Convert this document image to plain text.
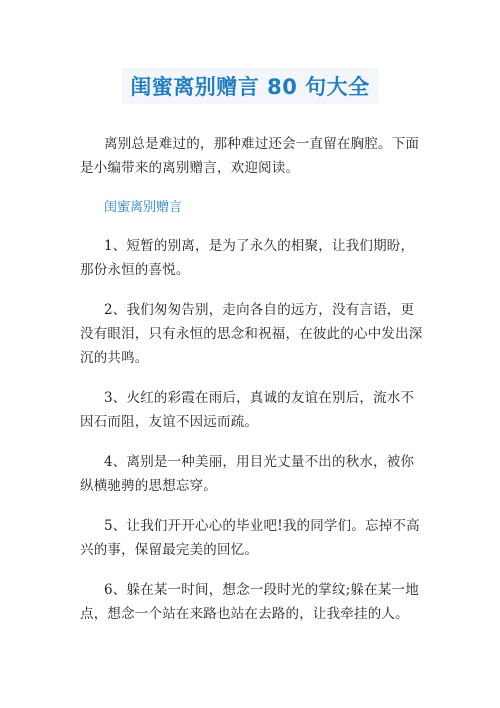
闺蜜离别赠言 80 句大全

离别总是难过的，那种难过还会一直留在胸腔。下面是小编带来的离别赠言，欢迎阅读。

闺蜜离别赠言

1、短暂的别离，是为了永久的相聚，让我们期盼，那份永恒的喜悦。

2、我们匆匆告别，走向各自的远方，没有言语，更没有眼泪，只有永恒的思念和祝福，在彼此的心中发出深沉的共鸣。

3、火红的彩霞在雨后，真诚的友谊在别后，流水不因石而阻，友谊不因远而疏。

4、离别是一种美丽，用目光丈量不出的秋水，被你纵横驰骋的思想忘穿。

5、让我们开开心心的毕业吧!我的同学们。忘掉不高兴的事，保留最完美的回忆。

6、躲在某一时间，想念一段时光的掌纹;躲在某一地点，想念一个站在来路也站在去路的，让我牵挂的人。
